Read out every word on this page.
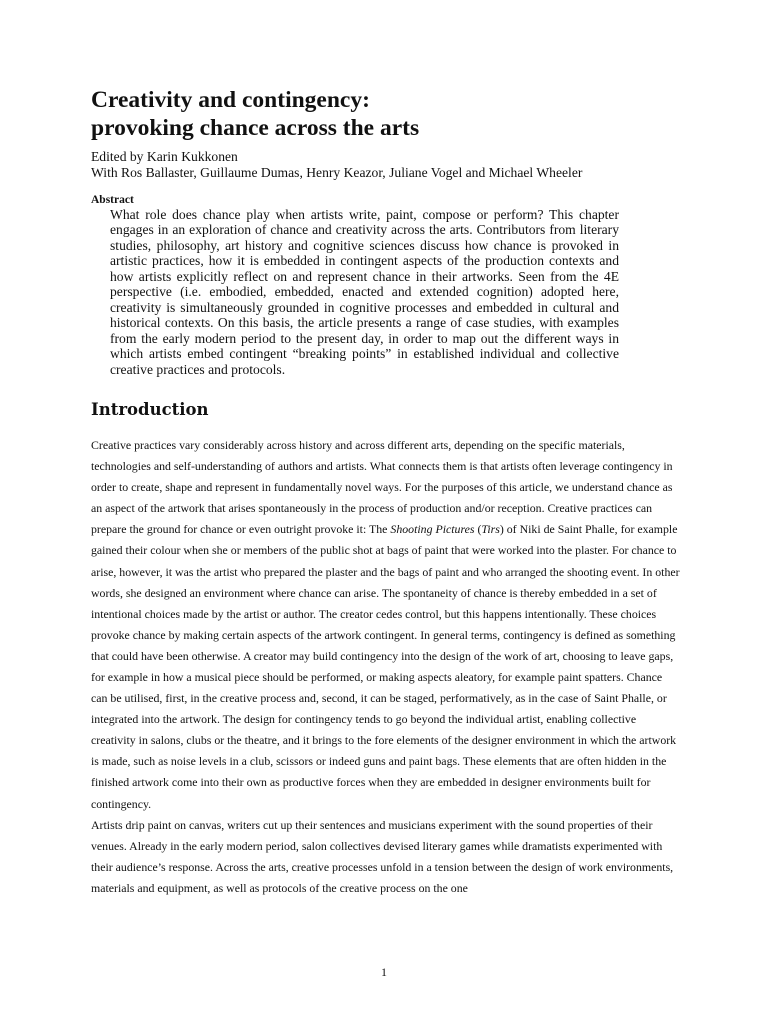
Creativity and contingency:
provoking chance across the arts
Edited by Karin Kukkonen
With Ros Ballaster, Guillaume Dumas, Henry Keazor, Juliane Vogel and Michael Wheeler
Abstract
What role does chance play when artists write, paint, compose or perform? This chapter engages in an exploration of chance and creativity across the arts. Contributors from literary studies, philosophy, art history and cognitive sciences discuss how chance is provoked in artistic practices, how it is embedded in contingent aspects of the production contexts and how artists explicitly reflect on and represent chance in their artworks. Seen from the 4E perspective (i.e. embodied, embedded, enacted and extended cognition) adopted here, creativity is simultaneously grounded in cognitive processes and embedded in cultural and historical contexts. On this basis, the article presents a range of case studies, with examples from the early modern period to the present day, in order to map out the different ways in which artists embed contingent “breaking points” in established individual and collective creative practices and protocols.
Introduction

Creative practices vary considerably across history and across different arts, depending on the specific materials, technologies and self-understanding of authors and artists. What connects them is that artists often leverage contingency in order to create, shape and represent in fundamentally novel ways. For the purposes of this article, we understand chance as an aspect of the artwork that arises spontaneously in the process of production and/or reception. Creative practices can prepare the ground for chance or even outright provoke it: The Shooting Pictures (Tirs) of Niki de Saint Phalle, for example gained their colour when she or members of the public shot at bags of paint that were worked into the plaster. For chance to arise, however, it was the artist who prepared the plaster and the bags of paint and who arranged the shooting event. In other words, she designed an environment where chance can arise. The spontaneity of chance is thereby embedded in a set of intentional choices made by the artist or author. The creator cedes control, but this happens intentionally. These choices provoke chance by making certain aspects of the artwork contingent. In general terms, contingency is defined as something that could have been otherwise. A creator may build contingency into the design of the work of art, choosing to leave gaps, for example in how a musical piece should be performed, or making aspects aleatory, for example paint spatters. Chance can be utilised, first, in the creative process and, second, it can be staged, performatively, as in the case of Saint Phalle, or integrated into the artwork. The design for contingency tends to go beyond the individual artist, enabling collective creativity in salons, clubs or the theatre, and it brings to the fore elements of the designer environment in which the artwork is made, such as noise levels in a club, scissors or indeed guns and paint bags. These elements that are often hidden in the finished artwork come into their own as productive forces when they are embedded in designer environments built for contingency.

Artists drip paint on canvas, writers cut up their sentences and musicians experiment with the sound properties of their venues. Already in the early modern period, salon collectives devised literary games while dramatists experimented with their audience’s response. Across the arts, creative processes unfold in a tension between the design of work environments, materials and equipment, as well as protocols of the creative process on the one

1
